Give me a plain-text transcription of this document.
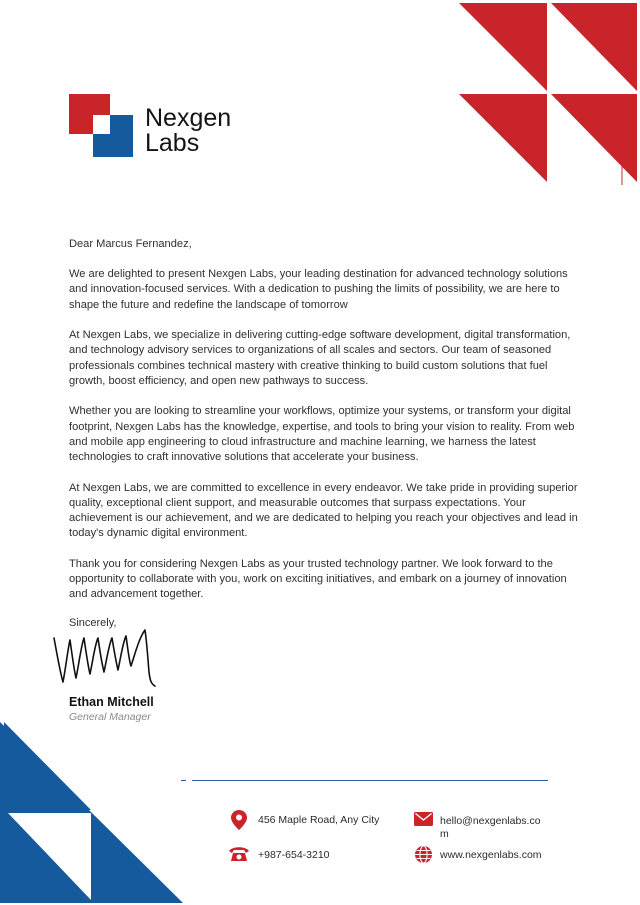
Nexgen
Labs

Dear Marcus Fernandez,

We are delighted to present Nexgen Labs, your leading destination for advanced technology solutions and innovation-focused services. With a dedication to pushing the limits of possibility, we are here to shape the future and redefine the landscape of tomorrow

At Nexgen Labs, we specialize in delivering cutting-edge software development, digital transformation, and technology advisory services to organizations of all scales and sectors. Our team of seasoned professionals combines technical mastery with creative thinking to build custom solutions that fuel growth, boost efficiency, and open new pathways to success.

Whether you are looking to streamline your workflows, optimize your systems, or transform your digital footprint, Nexgen Labs has the knowledge, expertise, and tools to bring your vision to reality. From web and mobile app engineering to cloud infrastructure and machine learning, we harness the latest technologies to craft innovative solutions that accelerate your business.

At Nexgen Labs, we are committed to excellence in every endeavor. We take pride in providing superior quality, exceptional client support, and measurable outcomes that surpass expectations. Your achievement is our achievement, and we are dedicated to helping you reach your objectives and lead in today's dynamic digital environment.

Thank you for considering Nexgen Labs as your trusted technology partner. We look forward to the opportunity to collaborate with you, work on exciting initiatives, and embark on a journey of innovation and advancement together.

Sincerely,
Ethan Mitchell
General Manager
456 Maple Road, Any City
+987-654-3210
hello@nexgenlabs.co
m
www.nexgenlabs.com
